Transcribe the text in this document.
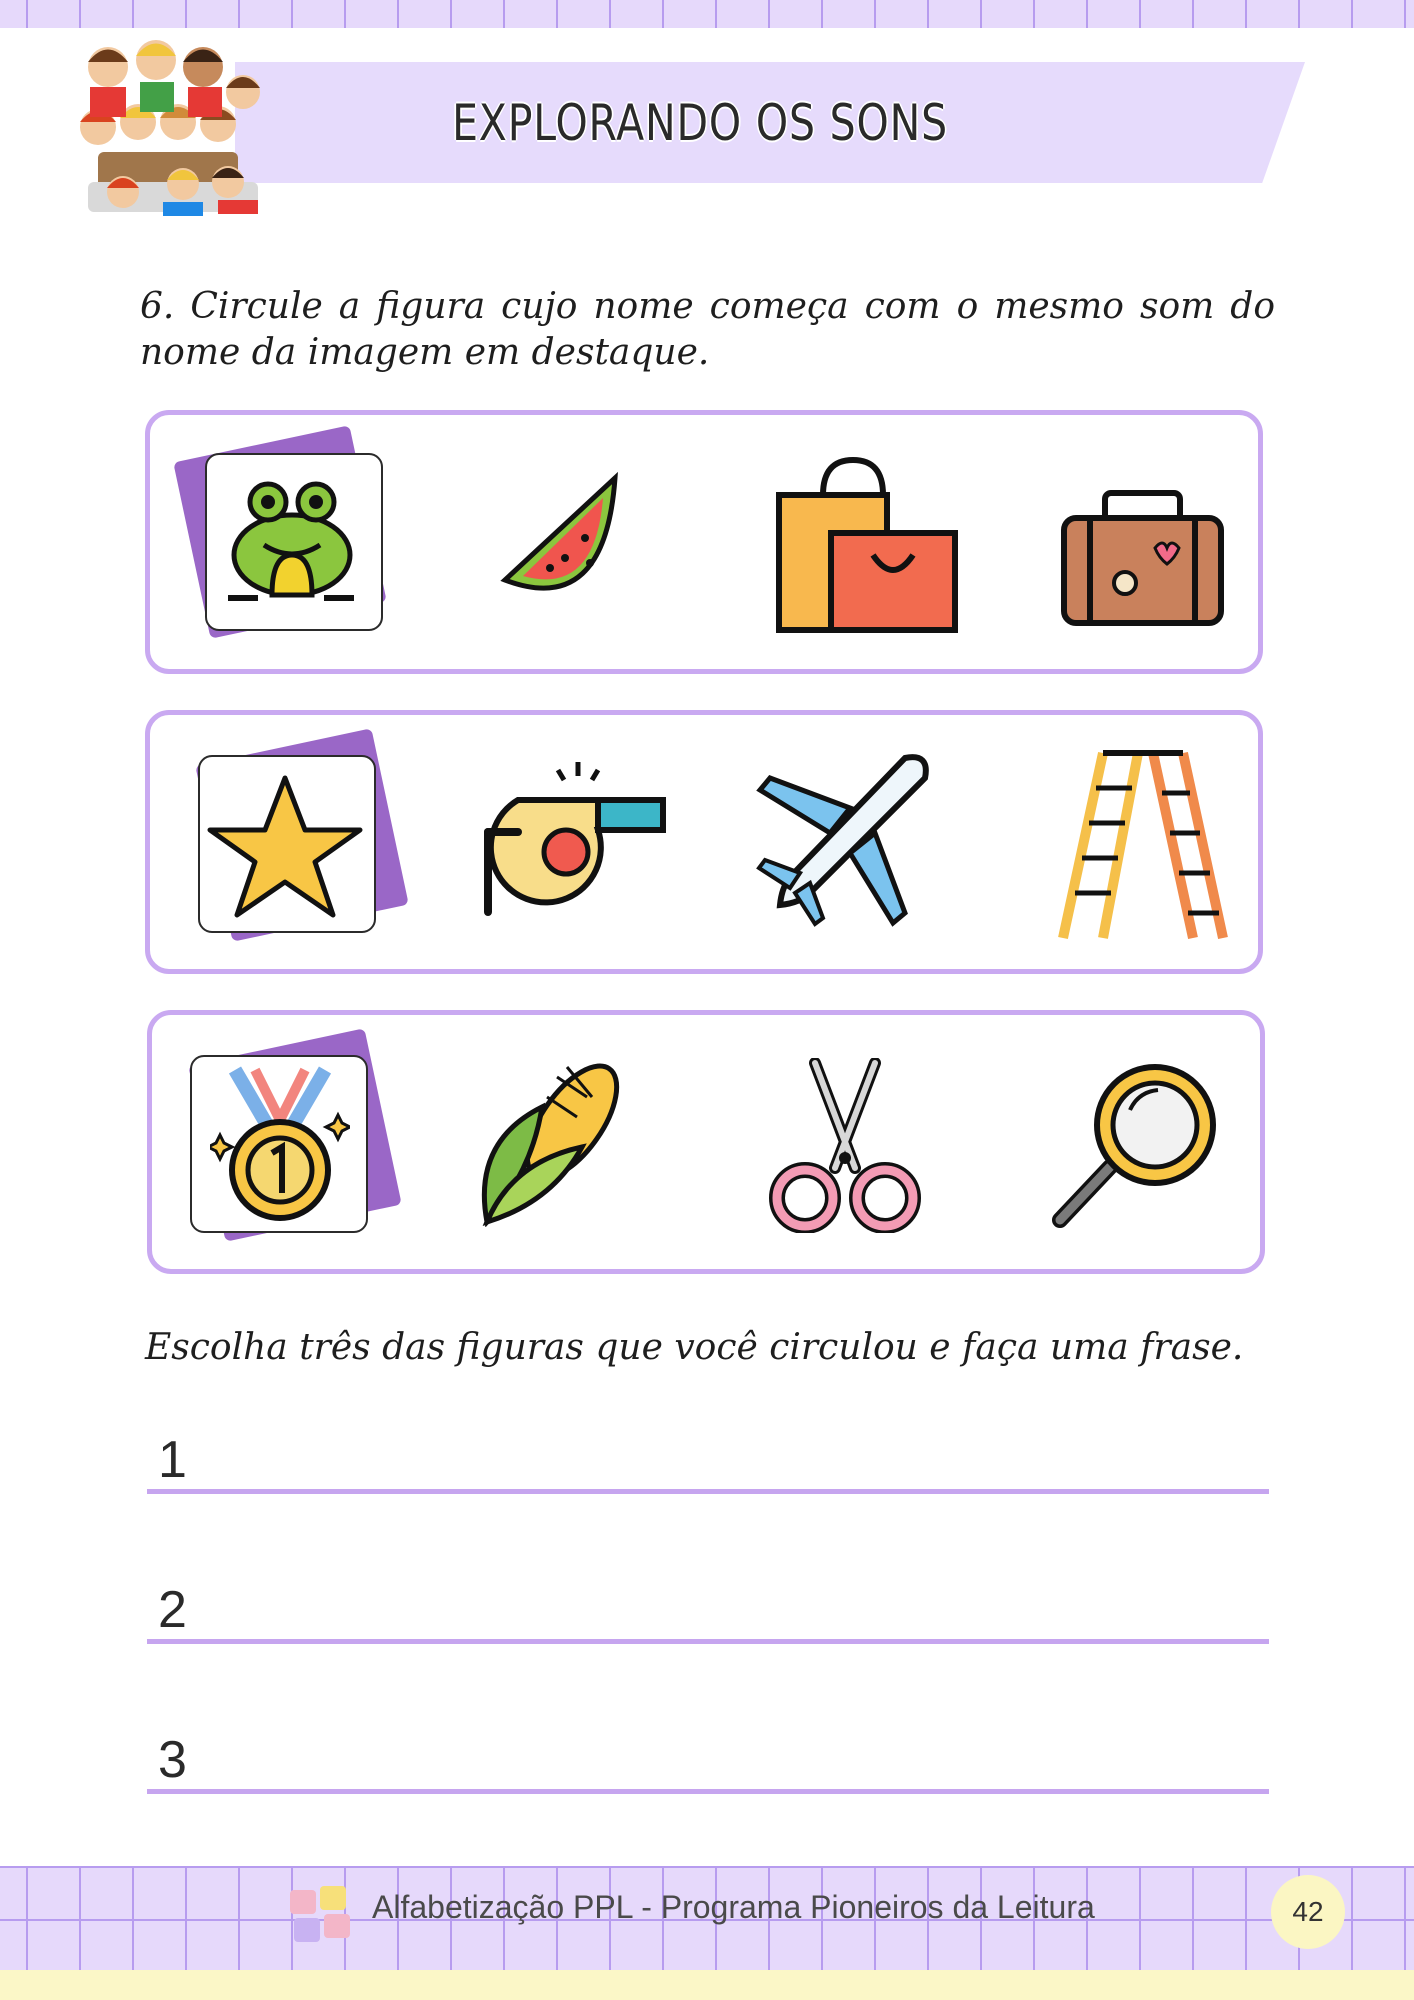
EXPLORANDO OS SONS
6. Circule a figura cujo nome começa com o mesmo som do nome da imagem em destaque.
Escolha três das figuras que você circulou e faça uma frase.
1
2
3
Alfabetização PPL - Programa Pioneiros da Leitura	42
